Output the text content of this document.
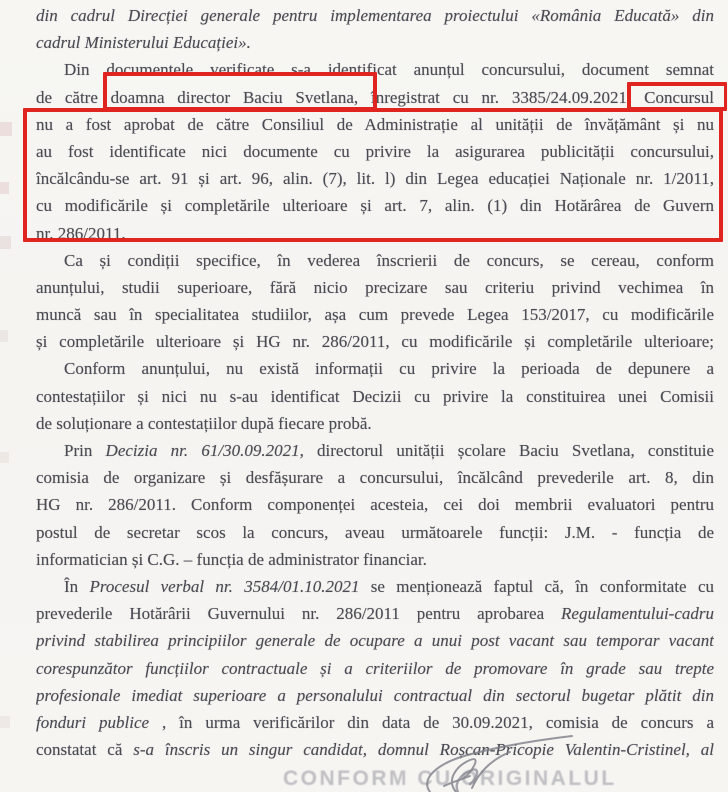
din cadrul Direcției generale pentru implementarea proiectului «România Educată» din
cadrul Ministerului Educației».
Din documentele verificate s-a identificat anunțul concursului, document semnat
de către doamna director Baciu Svetlana, înregistrat cu nr. 3385/24.09.2021. Concursul
nu a fost aprobat de către Consiliul de Administrație al unității de învățământ și nu
au fost identificate nici documente cu privire la asigurarea publicității concursului,
încălcându-se art. 91 și art. 96, alin. (7), lit. l) din Legea educației Naționale nr. 1/2011,
cu modificările și completările ulterioare și art. 7, alin. (1) din Hotărârea de Guvern
nr. 286/2011.
Ca și condiții specifice, în vederea înscrierii de concurs, se cereau, conform
anunțului, studii superioare, fără nicio precizare sau criteriu privind vechimea în
muncă sau în specialitatea studiilor, așa cum prevede Legea 153/2017, cu modificările
și completările ulterioare și HG nr. 286/2011, cu modificările și completările ulterioare;
Conform anunțului, nu există informații cu privire la perioada de depunere a
contestațiilor și nici nu s-au identificat Decizii cu privire la constituirea unei Comisii
de soluționare a contestațiilor după fiecare probă.
Prin Decizia nr. 61/30.09.2021, directorul unității școlare Baciu Svetlana, constituie
comisia de organizare și desfășurare a concursului, încălcând prevederile art. 8, din
HG nr. 286/2011. Conform componenței acesteia, cei doi membrii evaluatori pentru
postul de secretar scos la concurs, aveau următoarele funcții: J.M. - funcția de
informatician și C.G. – funcția de administrator financiar.
În Procesul verbal nr. 3584/01.10.2021 se menționează faptul că, în conformitate cu
prevederile Hotărârii Guvernului nr. 286/2011 pentru aprobarea Regulamentului-cadru
privind stabilirea principiilor generale de ocupare a unui post vacant sau temporar vacant
corespunzător funcțiilor contractuale și a criteriilor de promovare în grade sau trepte
profesionale imediat superioare a personalului contractual din sectorul bugetar plătit din
fonduri publice , în urma verificărilor din data de 30.09.2021, comisia de concurs a
constatat că s-a înscris un singur candidat, domnul Roșcan-Pricopie Valentin-Cristinel, al
CONFORM CU ORIGINALUL
